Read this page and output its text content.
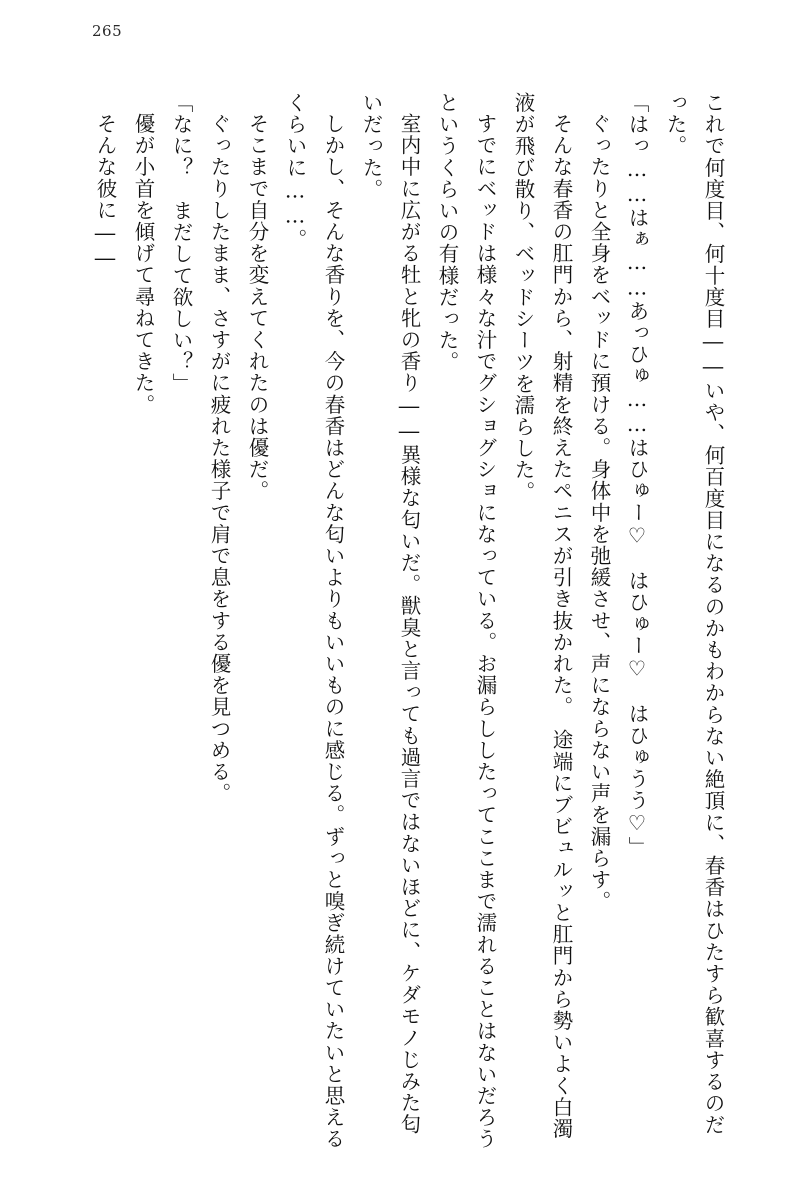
265

これで何度目、何十度目――いや、何百度目になるのかもわからない絶頂に、春香はひたすら歓喜するのだった。

「はっ……はぁ……あっひゅ……はひゅー♡　はひゅー♡　はひゅうう♡」

ぐったりと全身をベッドに預ける。身体中を弛緩させ、声にならない声を漏らす。

そんな春香の肛門から、射精を終えたペニスが引き抜かれた。　途端にブビュルッと肛門から勢いよく白濁液が飛び散り、ベッドシーツを濡らした。

すでにベッドは様々な汁でグショグショになっている。お漏らししたってここまで濡れることはないだろうというくらいの有様だった。

室内中に広がる牡と牝の香り――異様な匂いだ。獣臭と言っても過言ではないほどに、ケダモノじみた匂いだった。

しかし、そんな香りを、今の春香はどんな匂いよりもいいものに感じる。ずっと嗅ぎ続けていたいと思えるくらいに……。

そこまで自分を変えてくれたのは優だ。

ぐったりしたまま、さすがに疲れた様子で肩で息をする優を見つめる。

「なに？　まだして欲しい？」

優が小首を傾げて尋ねてきた。

そんな彼に――
